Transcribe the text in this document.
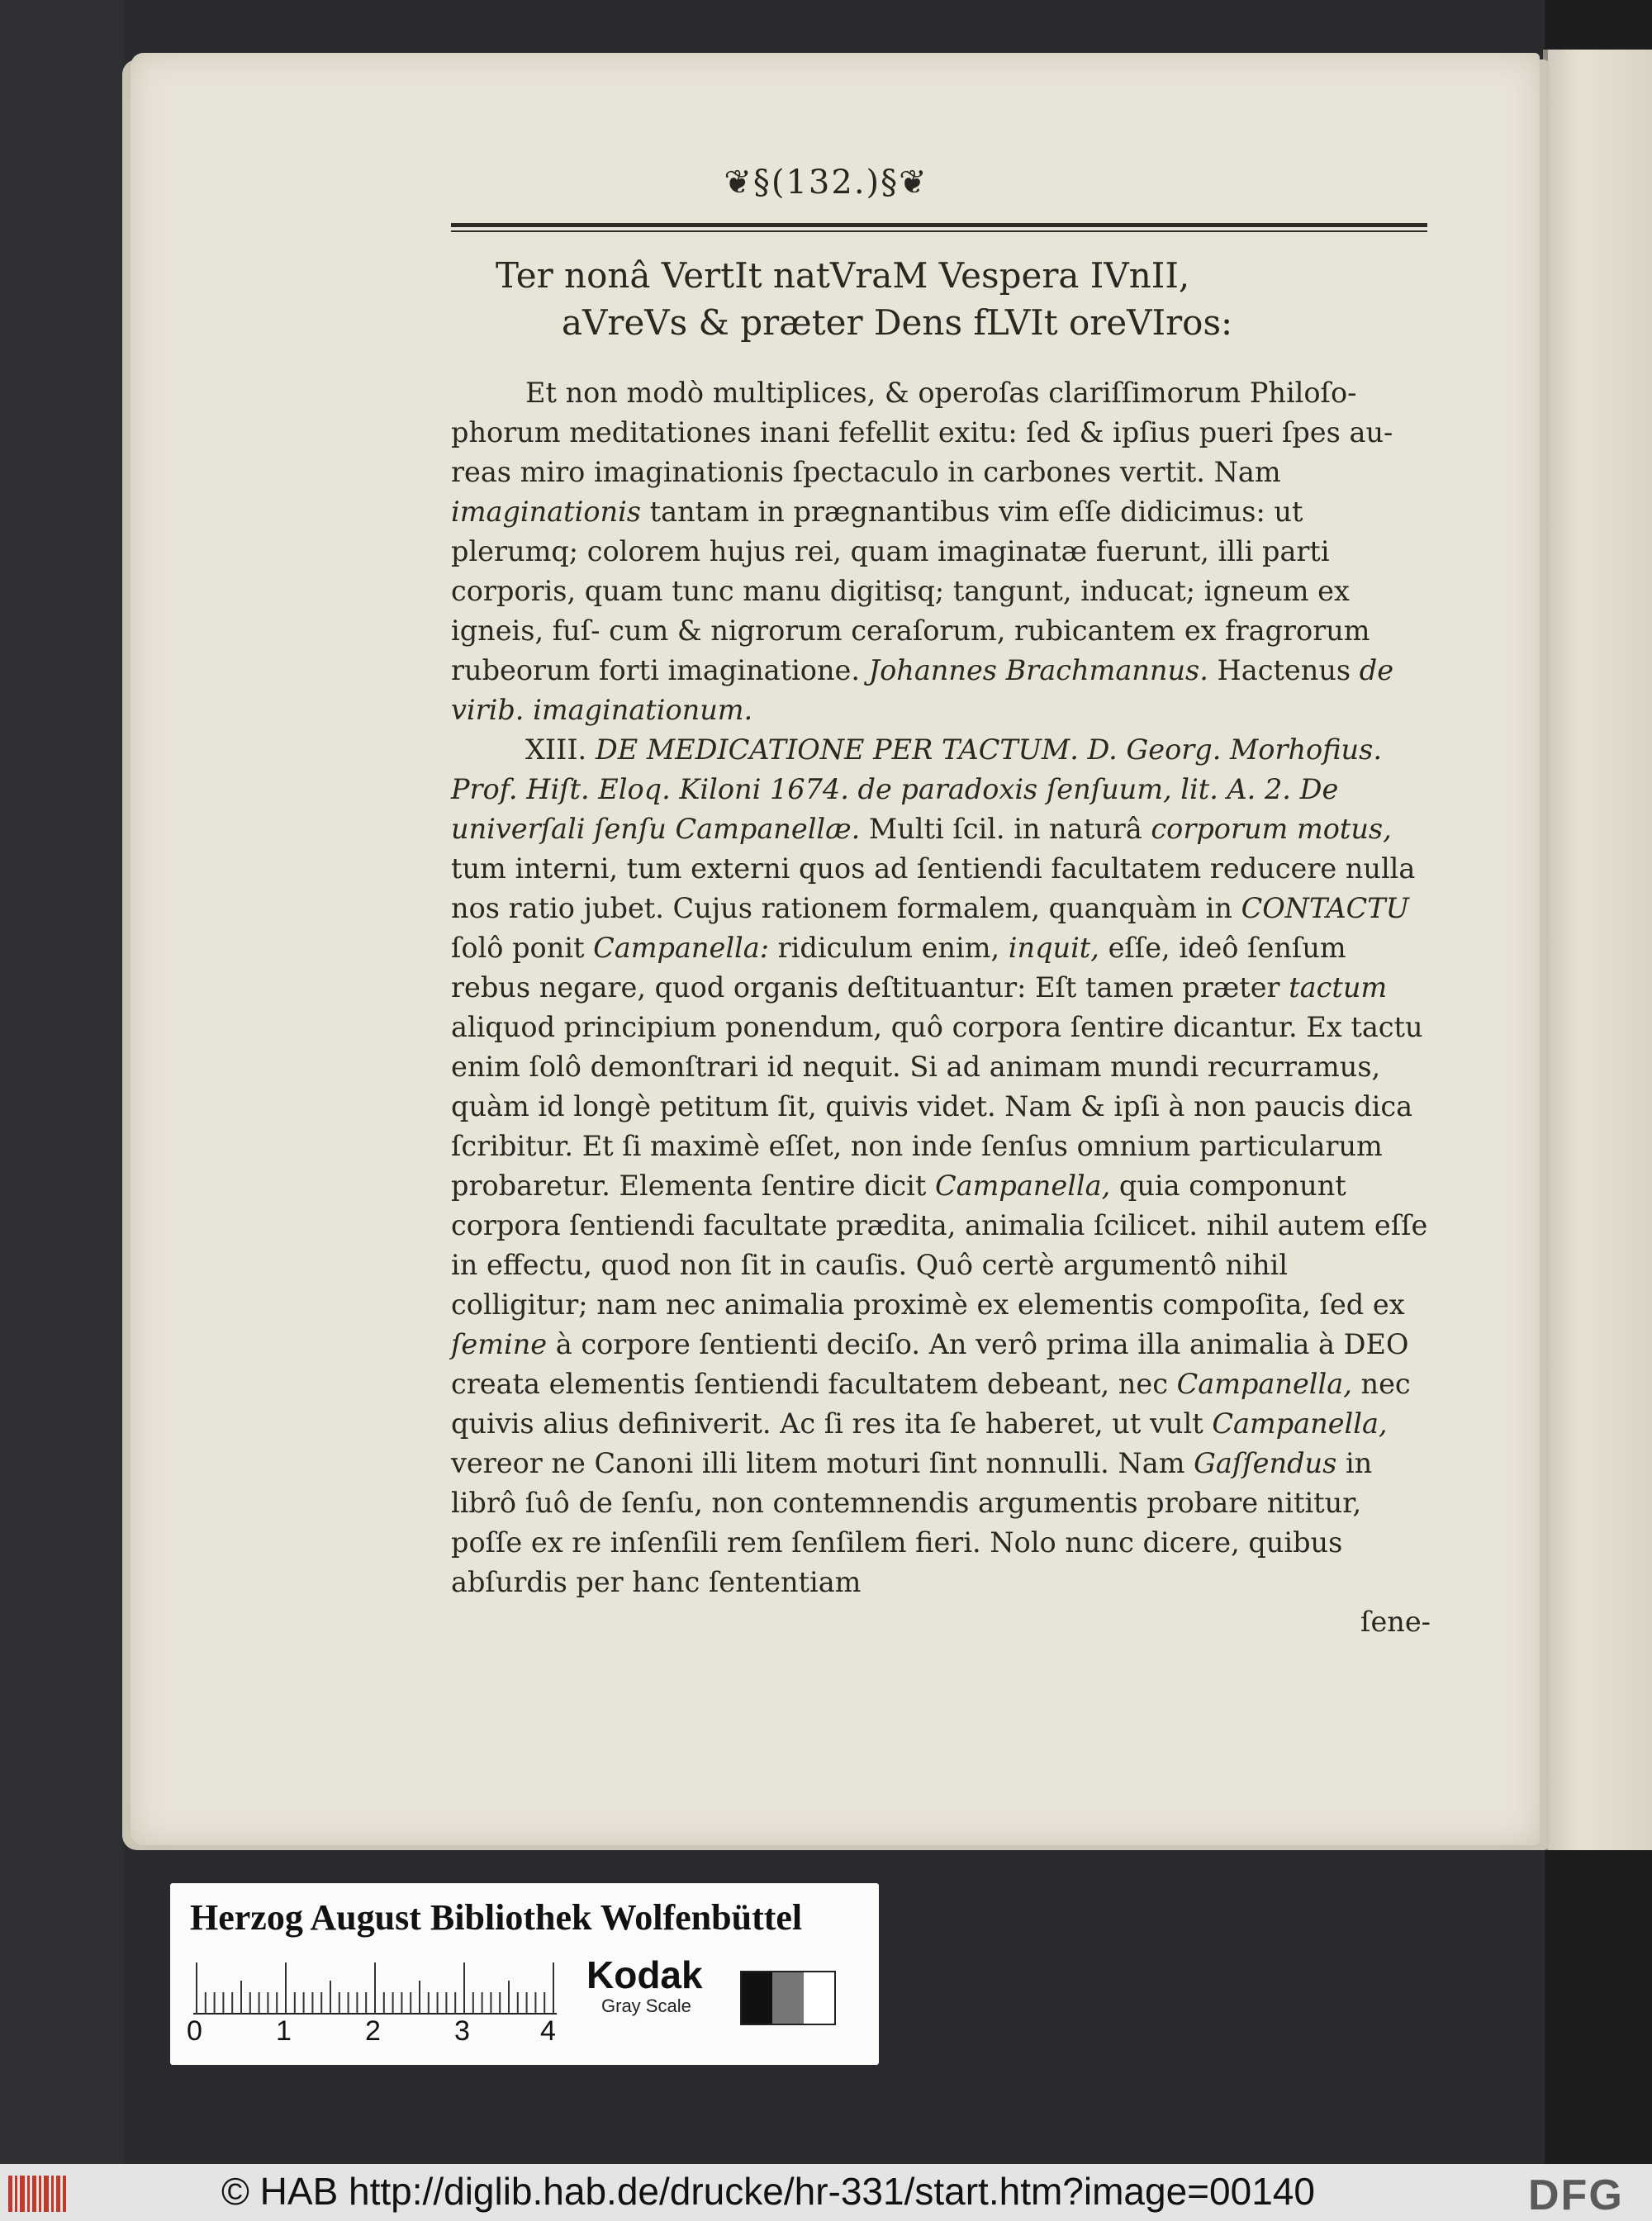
❦§(132.)§❦
Ter nonâ VertIt natVraM Vespera IVnII,
aVreVs & præter Dens fLVIt oreVIros:

Et non modò multiplices, & operoſas clariſſimorum Philoſo- phorum meditationes inani fefellit exitu: ſed & ipſius pueri ſpes au- reas miro imaginationis ſpectaculo in carbones vertit. Nam imaginationis tantam in prægnantibus vim eſſe didicimus: ut plerumq; colorem hujus rei, quam imaginatæ fuerunt, illi parti corporis, quam tunc manu digitisq; tangunt, inducat; igneum ex igneis, fuſ- cum & nigrorum ceraſorum, rubicantem ex fragrorum rubeorum forti imaginatione. Johannes Brachmannus. Hactenus de virib. imaginationum.

XIII. DE MEDICATIONE PER TACTUM. D. Georg. Morhofius. Prof. Hiſt. Eloq. Kiloni 1674. de paradoxis ſenſuum, lit. A. 2. De univerſali ſenſu Campanellæ. Multi ſcil. in naturâ corporum motus, tum interni, tum externi quos ad ſentiendi facultatem reducere nulla nos ratio jubet. Cujus rationem formalem, quanquàm in CONTACTU ſolô ponit Campanella: ridiculum enim, inquit, eſſe, ideô ſenſum rebus negare, quod organis deſtituantur: Eſt tamen præter tactum aliquod principium ponendum, quô corpora ſentire dicantur. Ex tactu enim ſolô demonſtrari id nequit. Si ad animam mundi recurramus, quàm id longè petitum ſit, quivis videt. Nam & ipſi à non paucis dica ſcribitur. Et ſi maximè eſſet, non inde ſenſus omnium particularum probaretur. Elementa ſentire dicit Campanella, quia componunt corpora ſentiendi facultate prædita, animalia ſcilicet. nihil autem eſſe in effectu, quod non ſit in cauſis. Quô certè argumentô nihil colligitur; nam nec animalia proximè ex elementis compoſita, ſed ex ſemine à corpore ſentienti deciſo. An verô prima illa animalia à DEO creata elementis ſentiendi facultatem debeant, nec Campanella, nec quivis alius definiverit. Ac ſi res ita ſe haberet, ut vult Campanella, vereor ne Canoni illi litem moturi ſint nonnulli. Nam Gaſſendus in librô ſuô de ſenſu, non contemnendis argumentis probare nititur, poſſe ex re inſenſili rem ſenſilem fieri. Nolo nunc dicere, quibus abſurdis per hanc ſententiam

ſene-

Herzog August Bibliothek Wolfenbüttel
0	1	2	3	4
Kodak
Gray Scale
© HAB http://diglib.hab.de/drucke/hr-331/start.htm?image=00140	DFG
